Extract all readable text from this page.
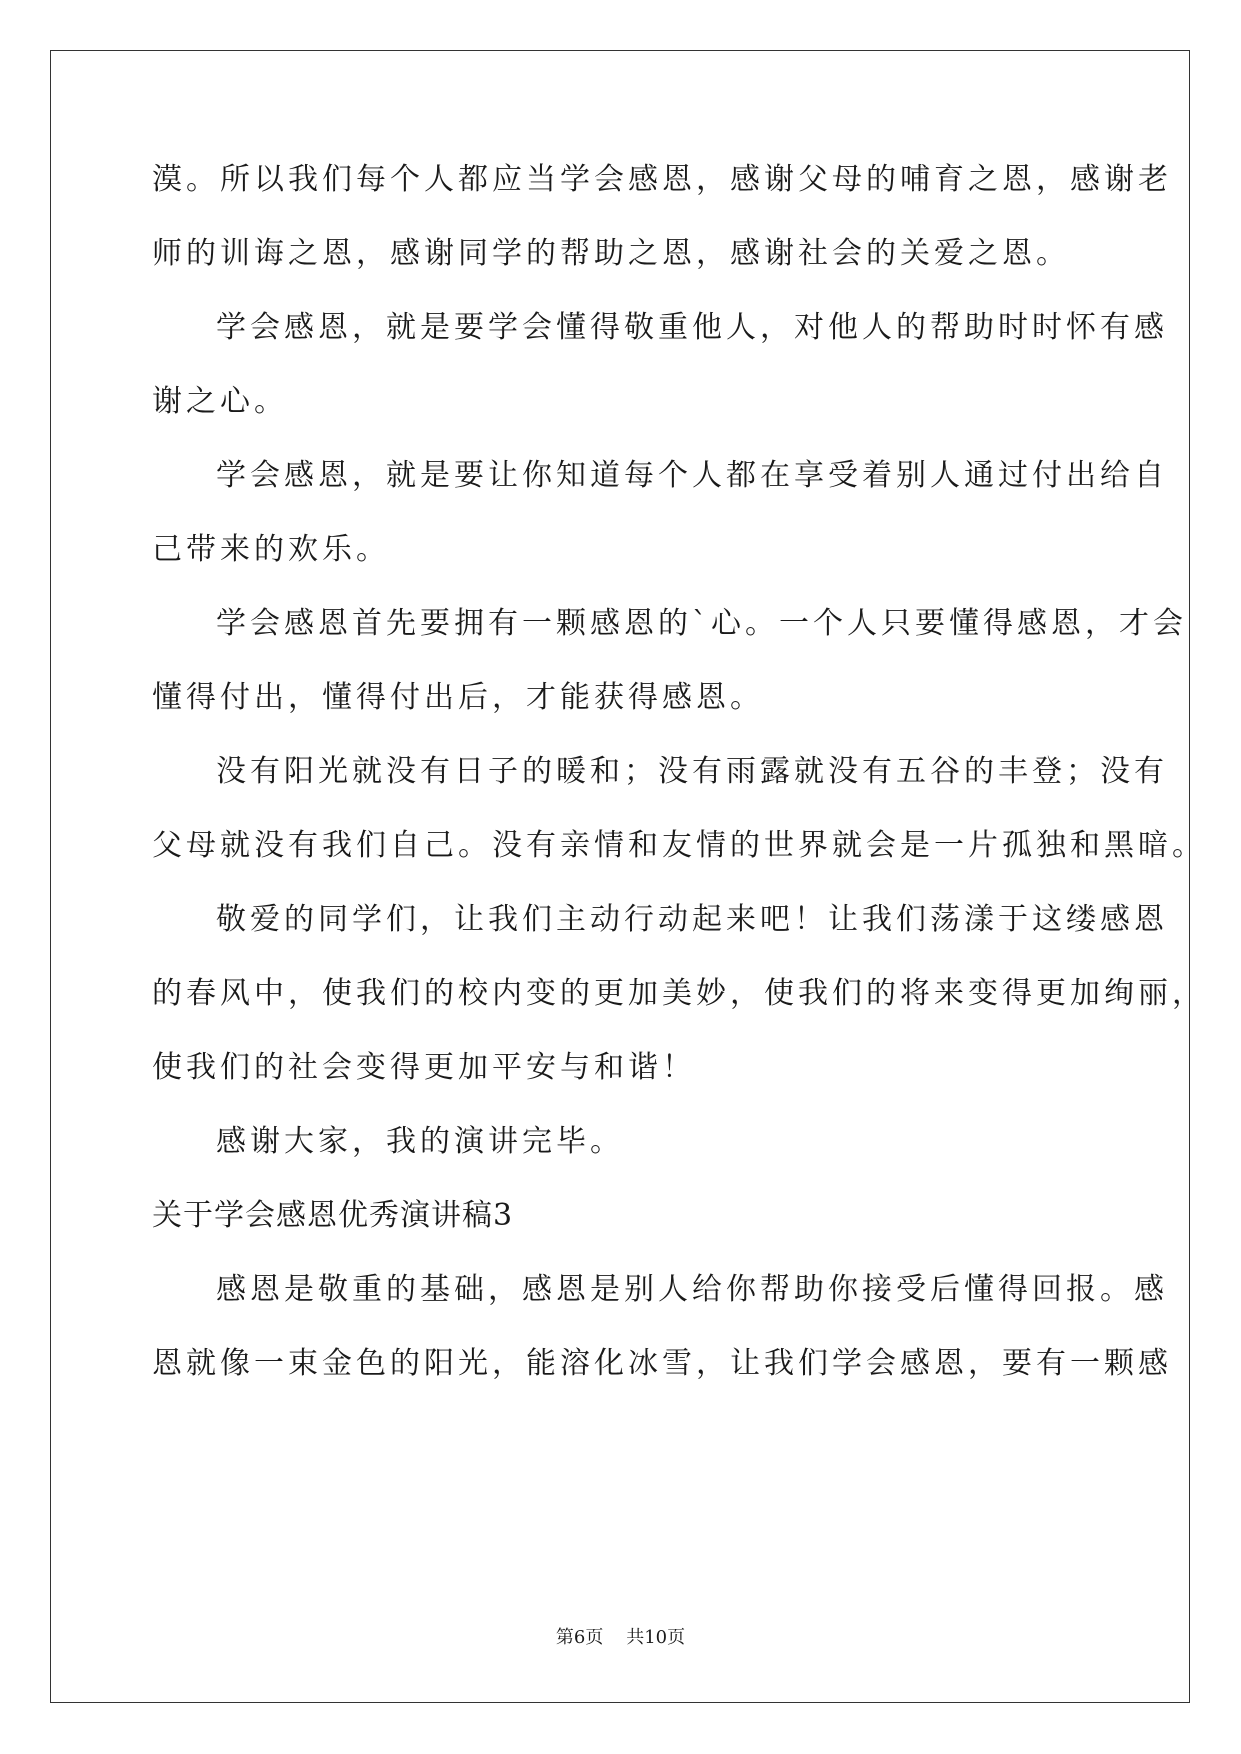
漠。所以我们每个人都应当学会感恩，感谢父母的哺育之恩，感谢老
师的训诲之恩，感谢同学的帮助之恩，感谢社会的关爱之恩。
学会感恩，就是要学会懂得敬重他人，对他人的帮助时时怀有感
谢之心。
学会感恩，就是要让你知道每个人都在享受着别人通过付出给自
己带来的欢乐。
学会感恩首先要拥有一颗感恩的`心。一个人只要懂得感恩，才会
懂得付出，懂得付出后，才能获得感恩。
没有阳光就没有日子的暖和；没有雨露就没有五谷的丰登；没有
父母就没有我们自己。没有亲情和友情的世界就会是一片孤独和黑暗。
敬爱的同学们，让我们主动行动起来吧！让我们荡漾于这缕感恩
的春风中，使我们的校内变的更加美妙，使我们的将来变得更加绚丽，
使我们的社会变得更加平安与和谐！
感谢大家，我的演讲完毕。
关于学会感恩优秀演讲稿3
感恩是敬重的基础，感恩是别人给你帮助你接受后懂得回报。感
恩就像一束金色的阳光，能溶化冰雪，让我们学会感恩，要有一颗感
第6页 共10页
